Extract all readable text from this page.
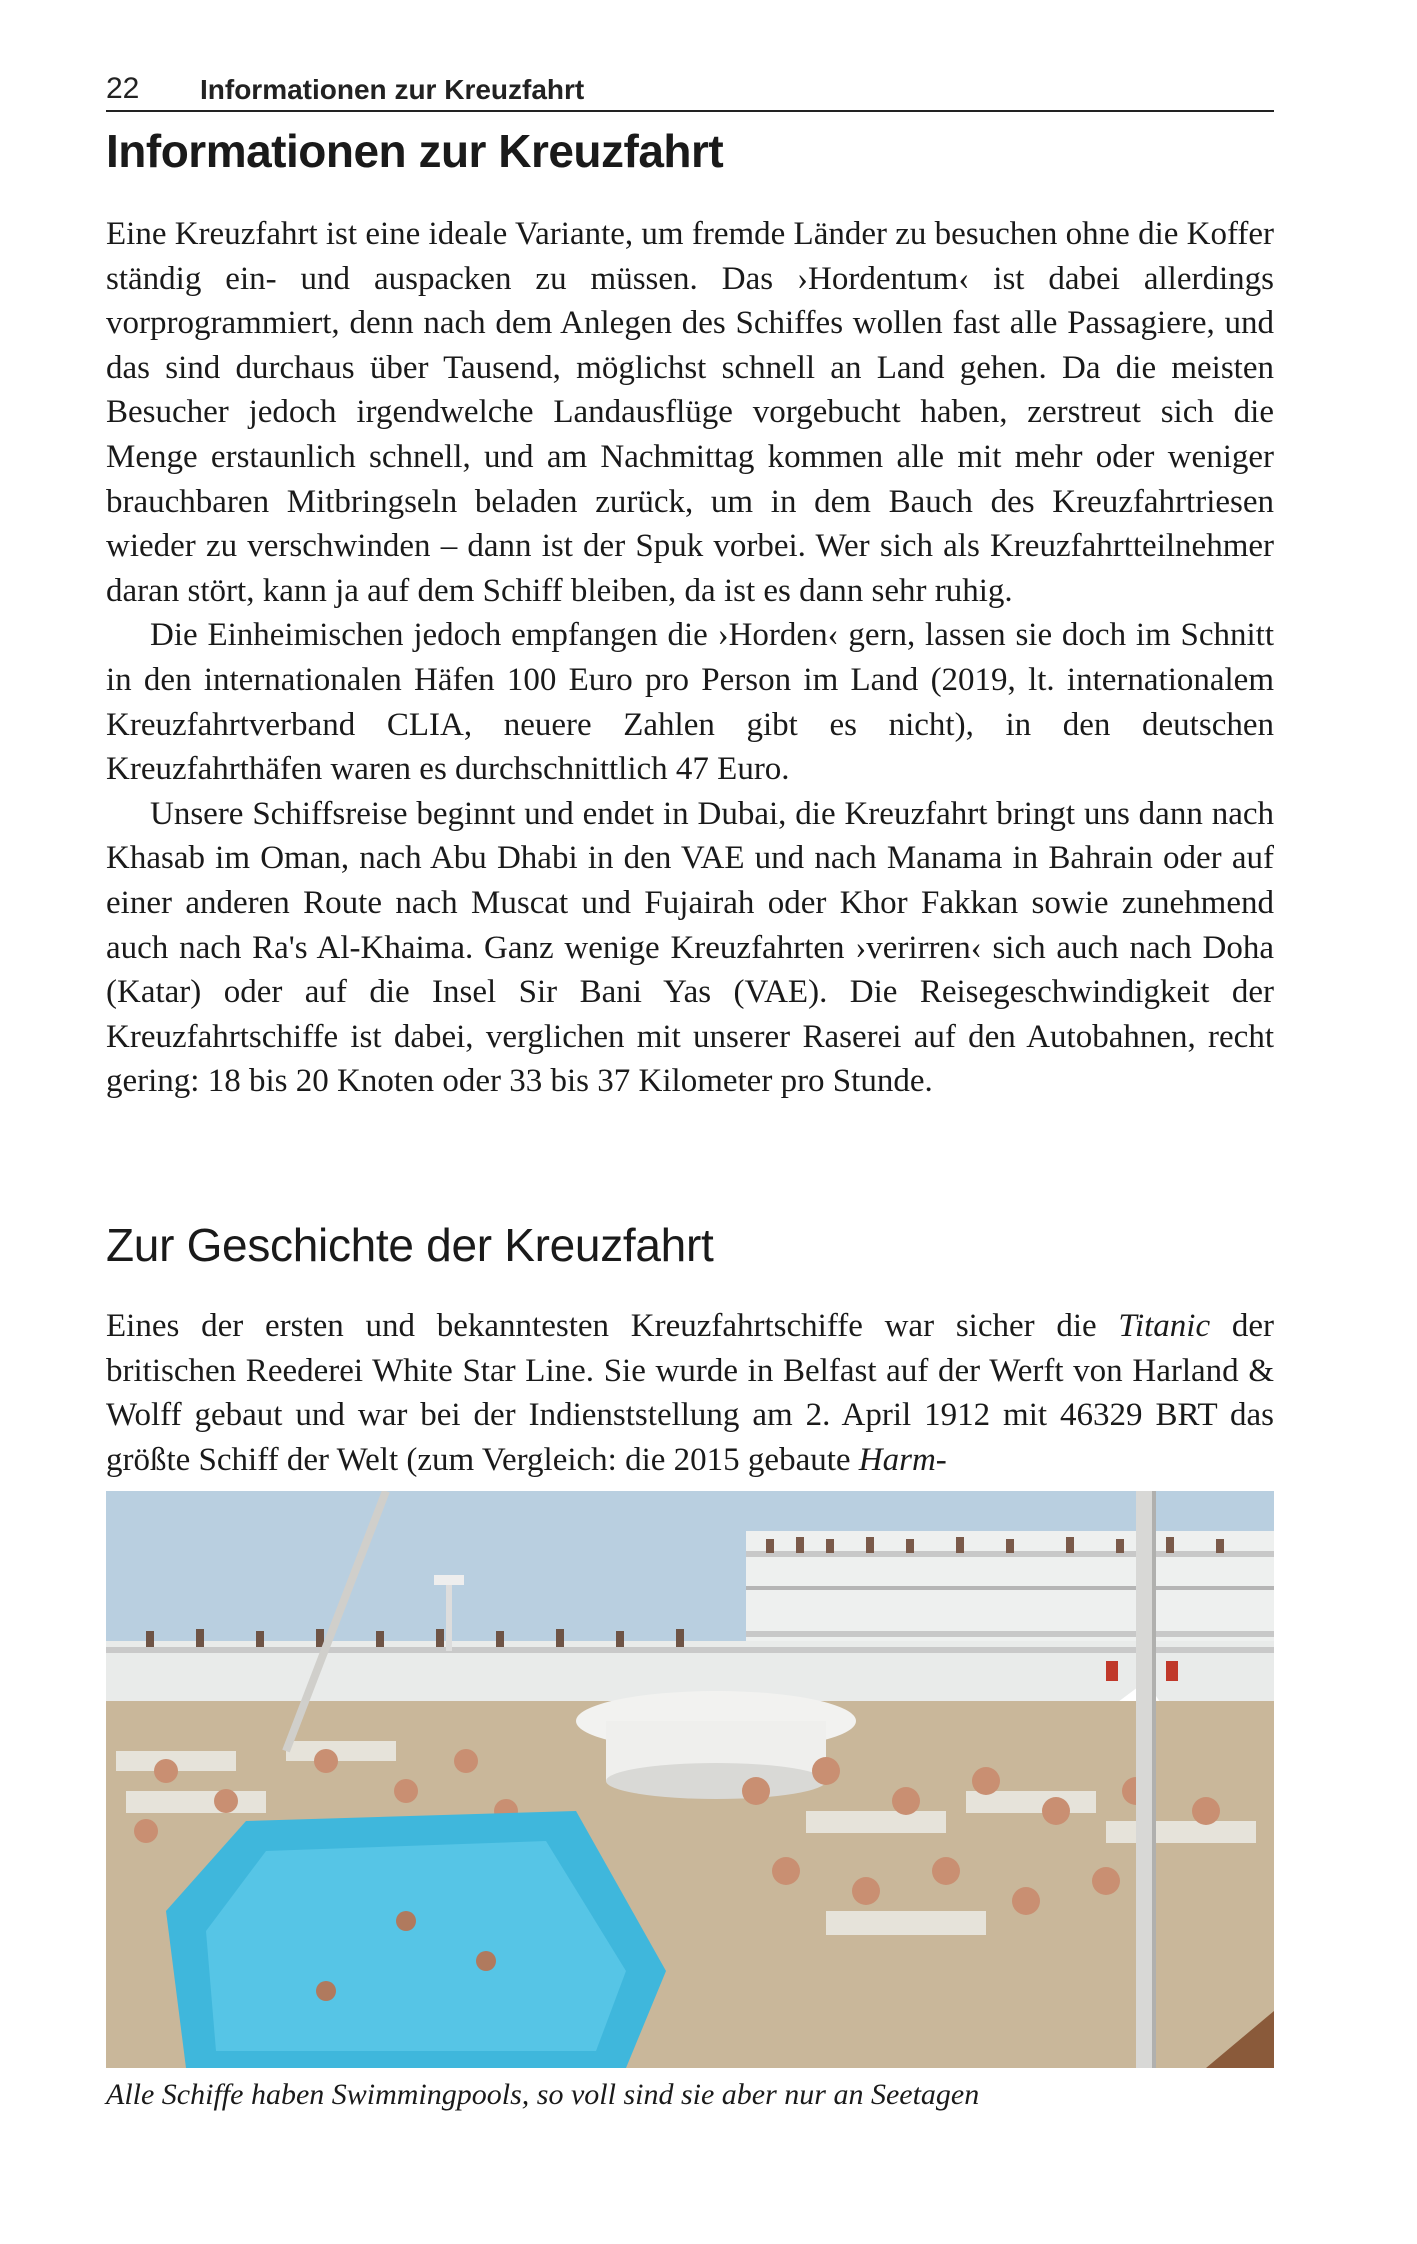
22 Informationen zur Kreuzfahrt
Informationen zur Kreuzfahrt

Eine Kreuzfahrt ist eine ideale Variante, um fremde Länder zu besuchen ohne die Koffer ständig ein- und auspacken zu müssen. Das ›Hordentum‹ ist dabei allerdings vorprogrammiert, denn nach dem Anlegen des Schiffes wollen fast alle Passagiere, und das sind durchaus über Tausend, möglichst schnell an Land gehen. Da die meisten Besucher jedoch irgendwelche Landausflüge vorgebucht haben, zerstreut sich die Menge erstaunlich schnell, und am Nachmittag kommen alle mit mehr oder weniger brauchbaren Mitbringseln beladen zurück, um in dem Bauch des Kreuzfahrtriesen wieder zu verschwinden – dann ist der Spuk vorbei. Wer sich als Kreuzfahrtteilnehmer daran stört, kann ja auf dem Schiff bleiben, da ist es dann sehr ruhig.

Die Einheimischen jedoch empfangen die ›Horden‹ gern, lassen sie doch im Schnitt in den internationalen Häfen 100 Euro pro Person im Land (2019, lt. internationalem Kreuzfahrtverband CLIA, neuere Zahlen gibt es nicht), in den deutschen Kreuzfahrthäfen waren es durchschnittlich 47 Euro.

Unsere Schiffsreise beginnt und endet in Dubai, die Kreuzfahrt bringt uns dann nach Khasab im Oman, nach Abu Dhabi in den VAE und nach Manama in Bahrain oder auf einer anderen Route nach Muscat und Fujairah oder Khor Fakkan sowie zunehmend auch nach Ra's Al-Khaima. Ganz wenige Kreuzfahrten ›verirren‹ sich auch nach Doha (Katar) oder auf die Insel Sir Bani Yas (VAE). Die Reisegeschwindigkeit der Kreuzfahrtschiffe ist dabei, verglichen mit unserer Raserei auf den Autobahnen, recht gering: 18 bis 20 Knoten oder 33 bis 37 Kilometer pro Stunde.

Zur Geschichte der Kreuzfahrt

Eines der ersten und bekanntesten Kreuzfahrtschiffe war sicher die Titanic der britischen Reederei White Star Line. Sie wurde in Belfast auf der Werft von Harland & Wolff gebaut und war bei der Indienststellung am 2. April 1912 mit 46329 BRT das größte Schiff der Welt (zum Vergleich: die 2015 gebaute Harm-

Alle Schiffe haben Swimmingpools, so voll sind sie aber nur an Seetagen
